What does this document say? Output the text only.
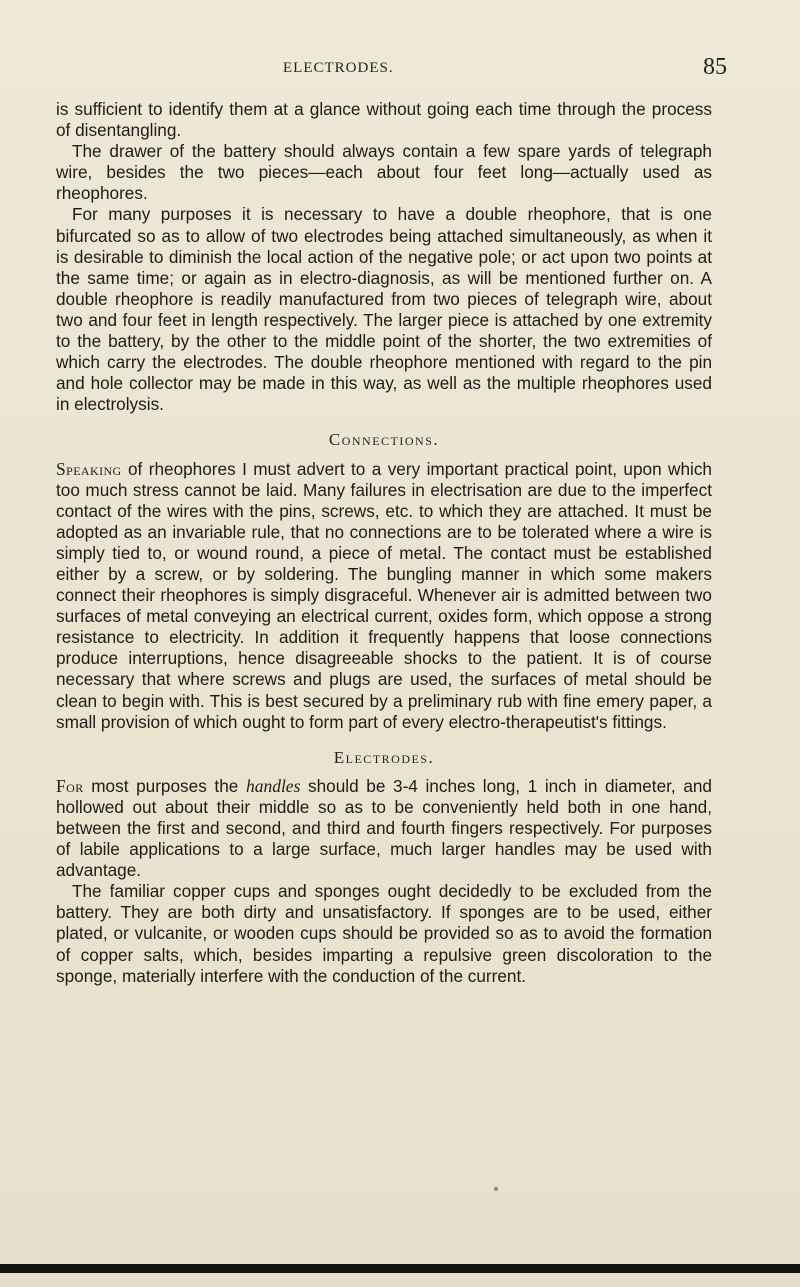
ELECTRODES.	85

is sufficient to identify them at a glance without going each time through the process of disentangling.

The drawer of the battery should always contain a few spare yards of telegraph wire, besides the two pieces—each about four feet long—actually used as rheophores.

For many purposes it is necessary to have a double rheophore, that is one bifurcated so as to allow of two electrodes being attached simultaneously, as when it is desirable to diminish the local action of the negative pole; or act upon two points at the same time; or again as in electro-diagnosis, as will be mentioned further on. A double rheophore is readily manufactured from two pieces of telegraph wire, about two and four feet in length respectively. The larger piece is attached by one extremity to the battery, by the other to the middle point of the shorter, the two extremities of which carry the electrodes. The double rheophore mentioned with regard to the pin and hole collector may be made in this way, as well as the multiple rheophores used in electrolysis.

Connections.

Speaking of rheophores I must advert to a very important practical point, upon which too much stress cannot be laid. Many failures in electrisation are due to the imperfect contact of the wires with the pins, screws, etc. to which they are attached. It must be adopted as an invariable rule, that no connections are to be tolerated where a wire is simply tied to, or wound round, a piece of metal. The contact must be established either by a screw, or by soldering. The bungling manner in which some makers connect their rheophores is simply disgraceful. Whenever air is admitted between two surfaces of metal conveying an electrical current, oxides form, which oppose a strong resistance to electricity. In addition it frequently happens that loose connections produce interruptions, hence disagreeable shocks to the patient. It is of course necessary that where screws and plugs are used, the surfaces of metal should be clean to begin with. This is best secured by a preliminary rub with fine emery paper, a small provision of which ought to form part of every electro-therapeutist's fittings.

Electrodes.

For most purposes the handles should be 3-4 inches long, 1 inch in diameter, and hollowed out about their middle so as to be conveniently held both in one hand, between the first and second, and third and fourth fingers respectively. For purposes of labile applications to a large surface, much larger handles may be used with advantage.

The familiar copper cups and sponges ought decidedly to be excluded from the battery. They are both dirty and unsatisfactory. If sponges are to be used, either plated, or vulcanite, or wooden cups should be provided so as to avoid the formation of copper salts, which, besides imparting a repulsive green discoloration to the sponge, materially interfere with the conduction of the current.
